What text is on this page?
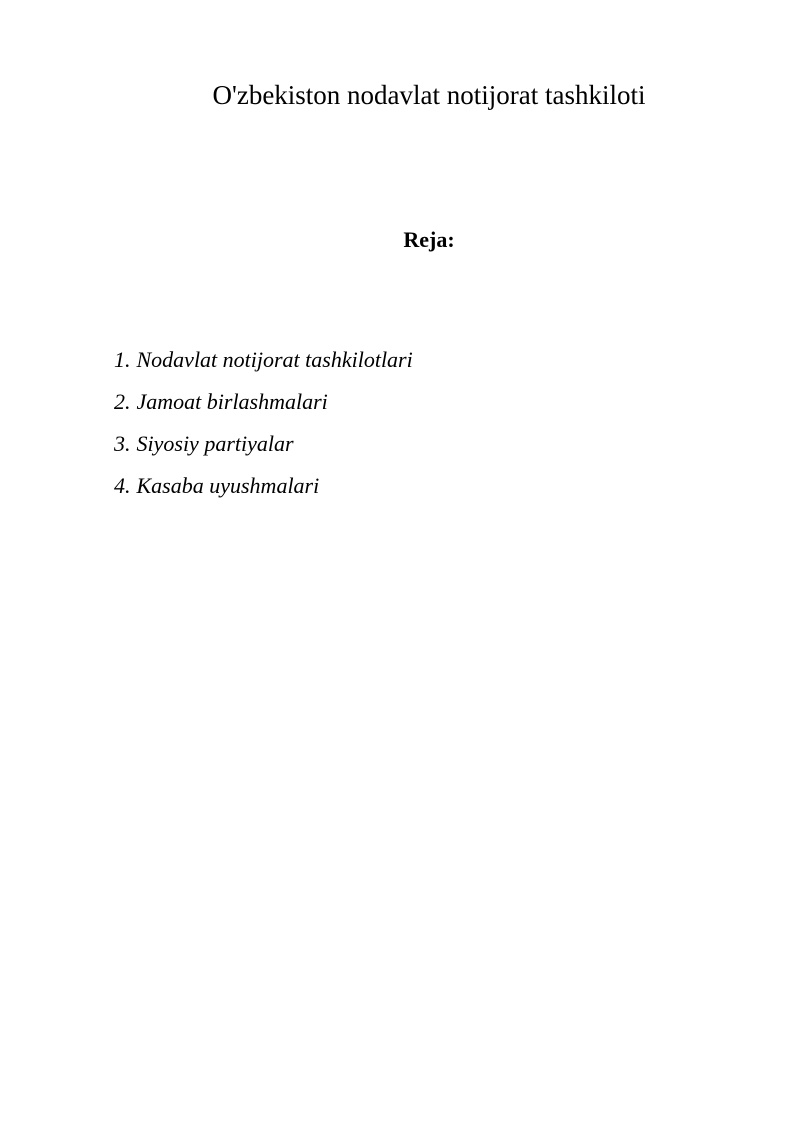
O'zbekiston nodavlat notijorat tashkiloti
Reja:
1. Nodavlat notijorat tashkilotlari
2. Jamoat birlashmalari
3. Siyosiy partiyalar
4. Kasaba uyushmalari
